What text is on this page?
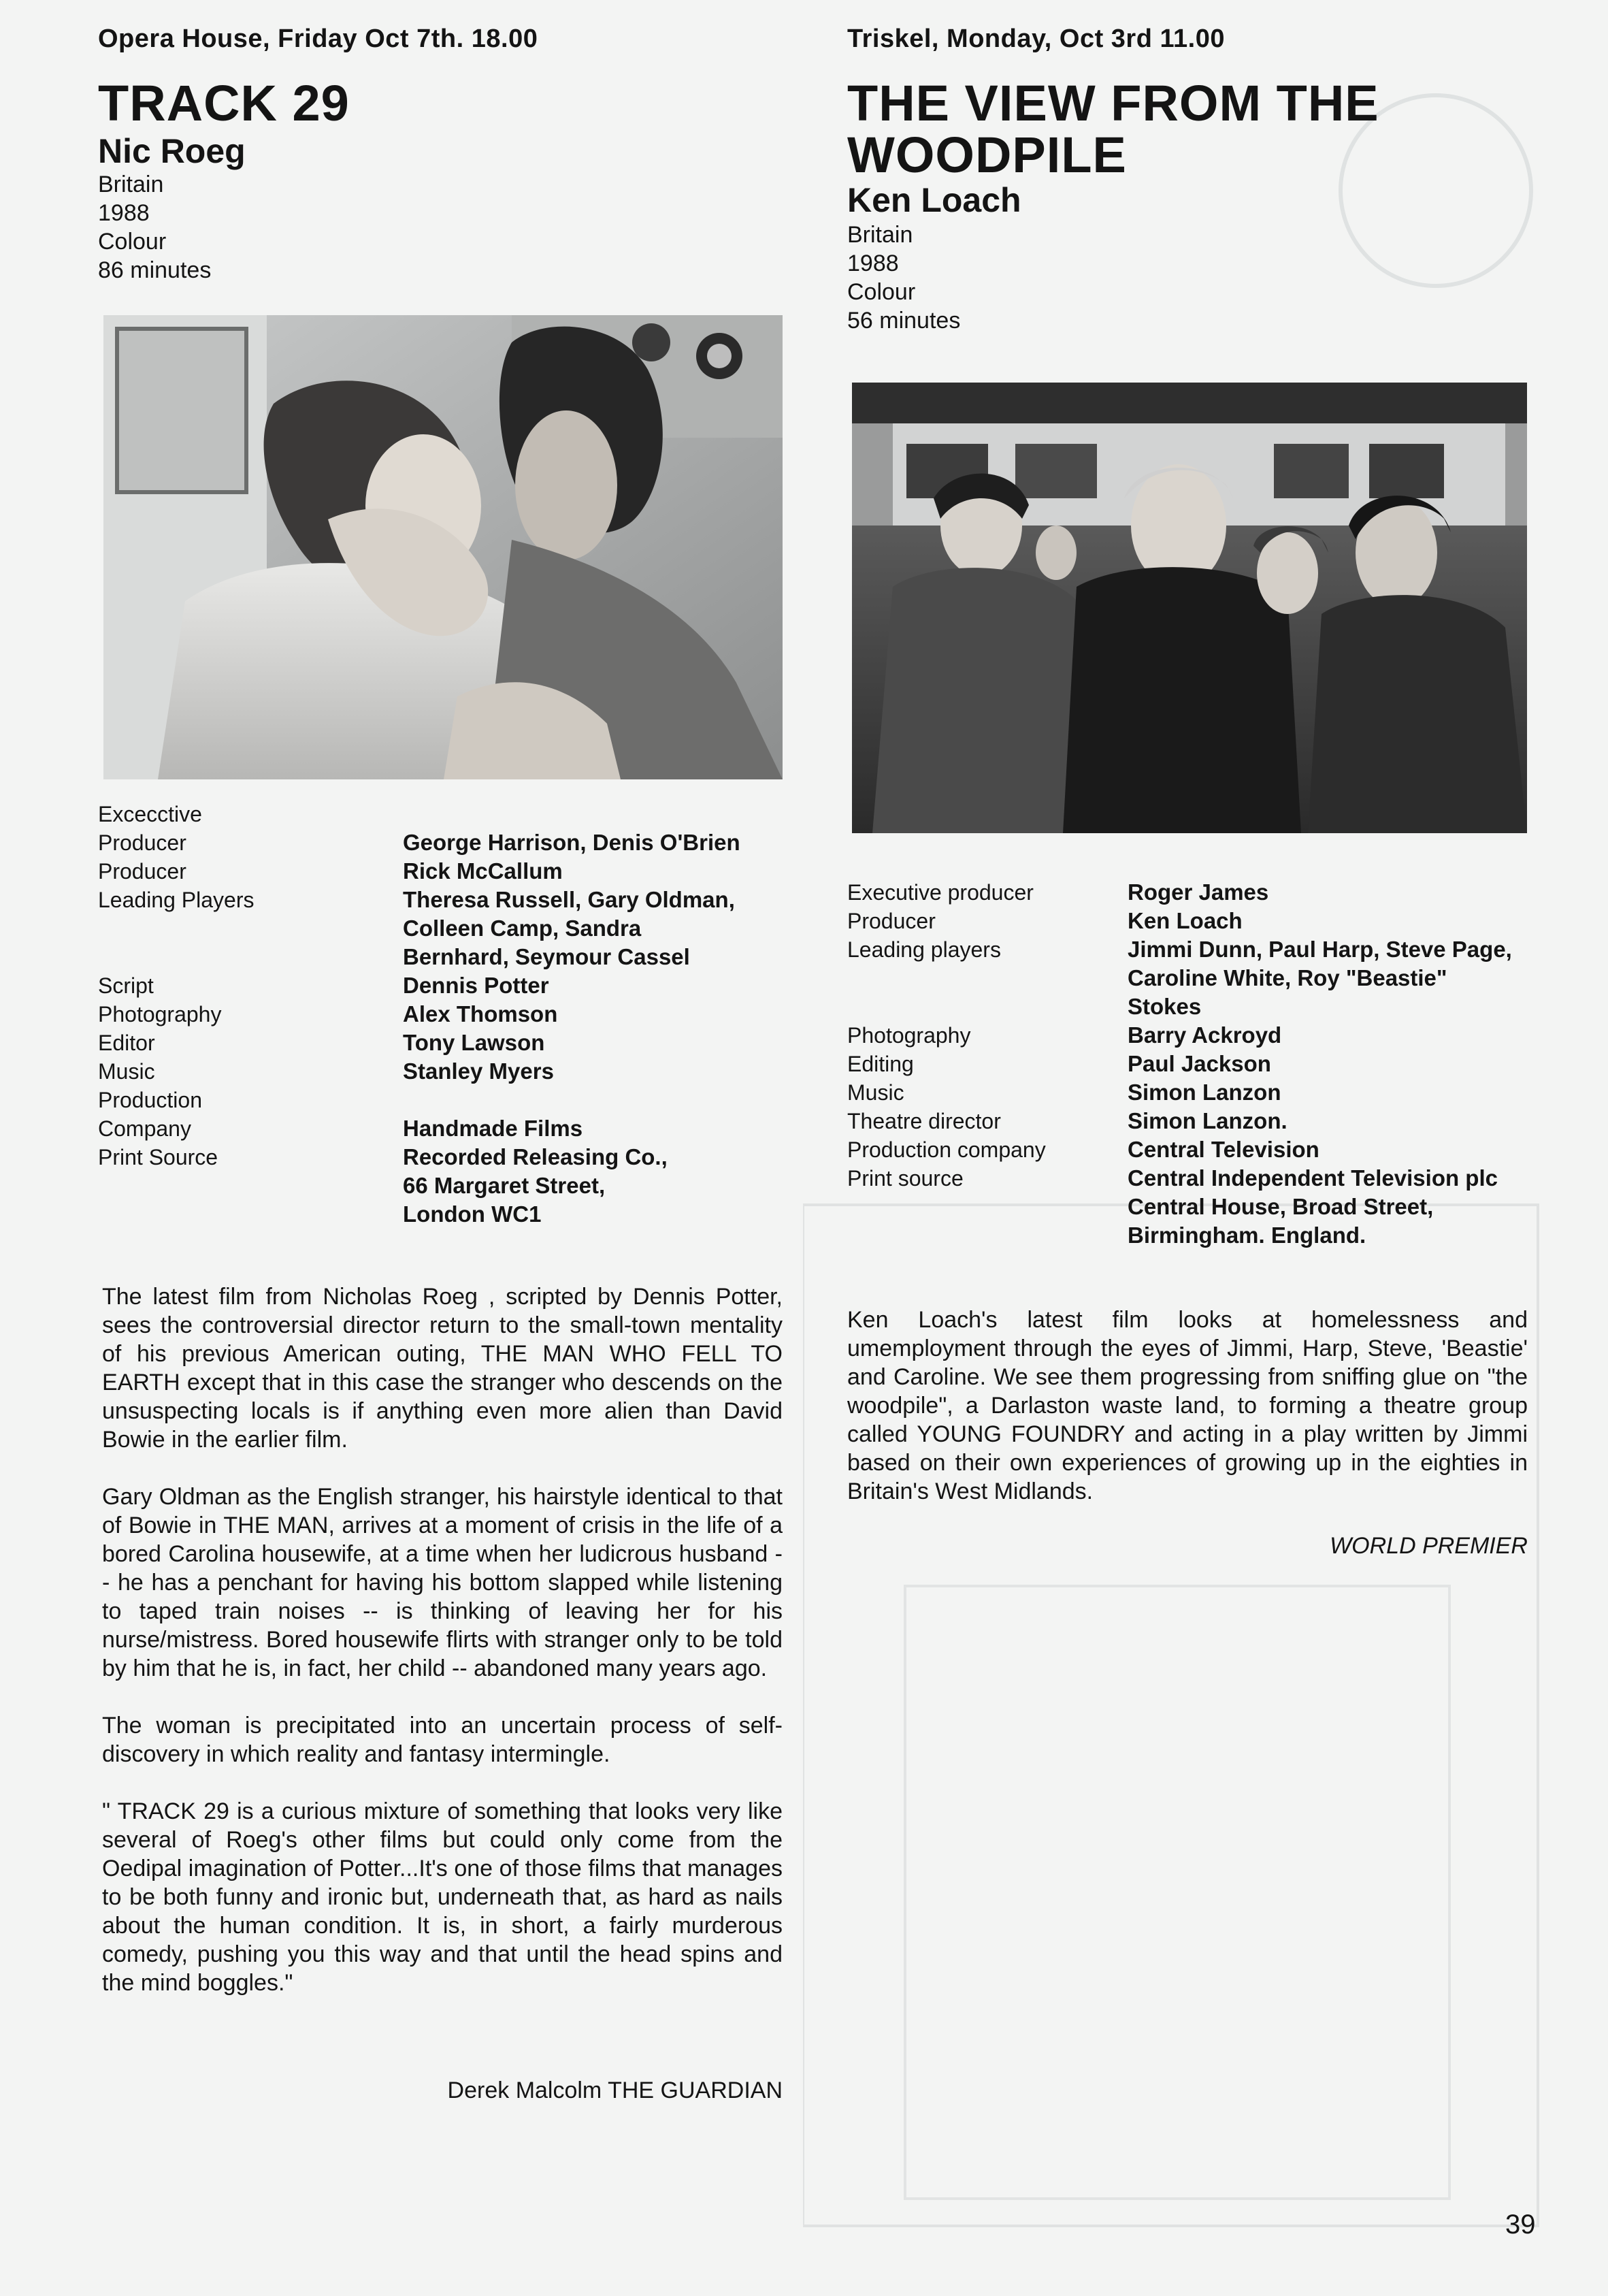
Opera House, Friday Oct 7th. 18.00
TRACK 29
Nic Roeg
Britain
1988
Colour
86 minutes
Excecctive
Producer	George Harrison, Denis O'Brien
Producer	Rick McCallum
Leading Players	Theresa Russell, Gary Oldman,
Colleen Camp, Sandra
Bernhard, Seymour Cassel
Script	Dennis Potter
Photography	Alex Thomson
Editor	Tony Lawson
Music	Stanley Myers
Production
Company	Handmade Films
Print Source	Recorded Releasing Co.,
66 Margaret Street,
London WC1

The latest film from Nicholas Roeg , scripted by Dennis Potter, sees the controversial director return to the small-town mentality of his previous American outing, THE MAN WHO FELL TO EARTH except that in this case the stranger who descends on the unsuspecting locals is if anything even more alien than David Bowie in the earlier film.

Gary Oldman as the English stranger, his hairstyle identical to that of Bowie in THE MAN, arrives at a moment of crisis in the life of a bored Carolina housewife, at a time when her ludicrous husband -- he has a penchant for having his bottom slapped while listening to taped train noises -- is thinking of leaving her for his nurse/mistress. Bored housewife flirts with stranger only to be told by him that he is, in fact, her child -- abandoned many years ago.

The woman is precipitated into an uncertain process of self-discovery in which reality and fantasy intermingle.

" TRACK 29 is a curious mixture of something that looks very like several of Roeg's other films but could only come from the Oedipal imagination of Potter...It's one of those films that manages to be both funny and ironic but, underneath that, as hard as nails about the human condition. It is, in short, a fairly murderous comedy, pushing you this way and that until the head spins and the mind boggles."

Derek Malcolm THE GUARDIAN
Triskel, Monday, Oct 3rd 11.00
THE VIEW FROM THE
WOODPILE
Ken Loach
Britain
1988
Colour
56 minutes
Executive producer	Roger James
Producer	Ken Loach
Leading players	Jimmi Dunn, Paul Harp, Steve Page,
Caroline White, Roy "Beastie"
Stokes
Photography	Barry Ackroyd
Editing	Paul Jackson
Music	Simon Lanzon
Theatre director	Simon Lanzon.
Production company	Central Television
Print source	Central Independent Television plc
Central House, Broad Street,
Birmingham. England.

Ken Loach's latest film looks at homelessness and umemployment through the eyes of Jimmi, Harp, Steve, 'Beastie' and Caroline. We see them progressing from sniffing glue on "the woodpile", a Darlaston waste land, to forming a theatre group called YOUNG FOUNDRY and acting in a play written by Jimmi based on their own experiences of growing up in the eighties in Britain's West Midlands.

WORLD PREMIER
39
